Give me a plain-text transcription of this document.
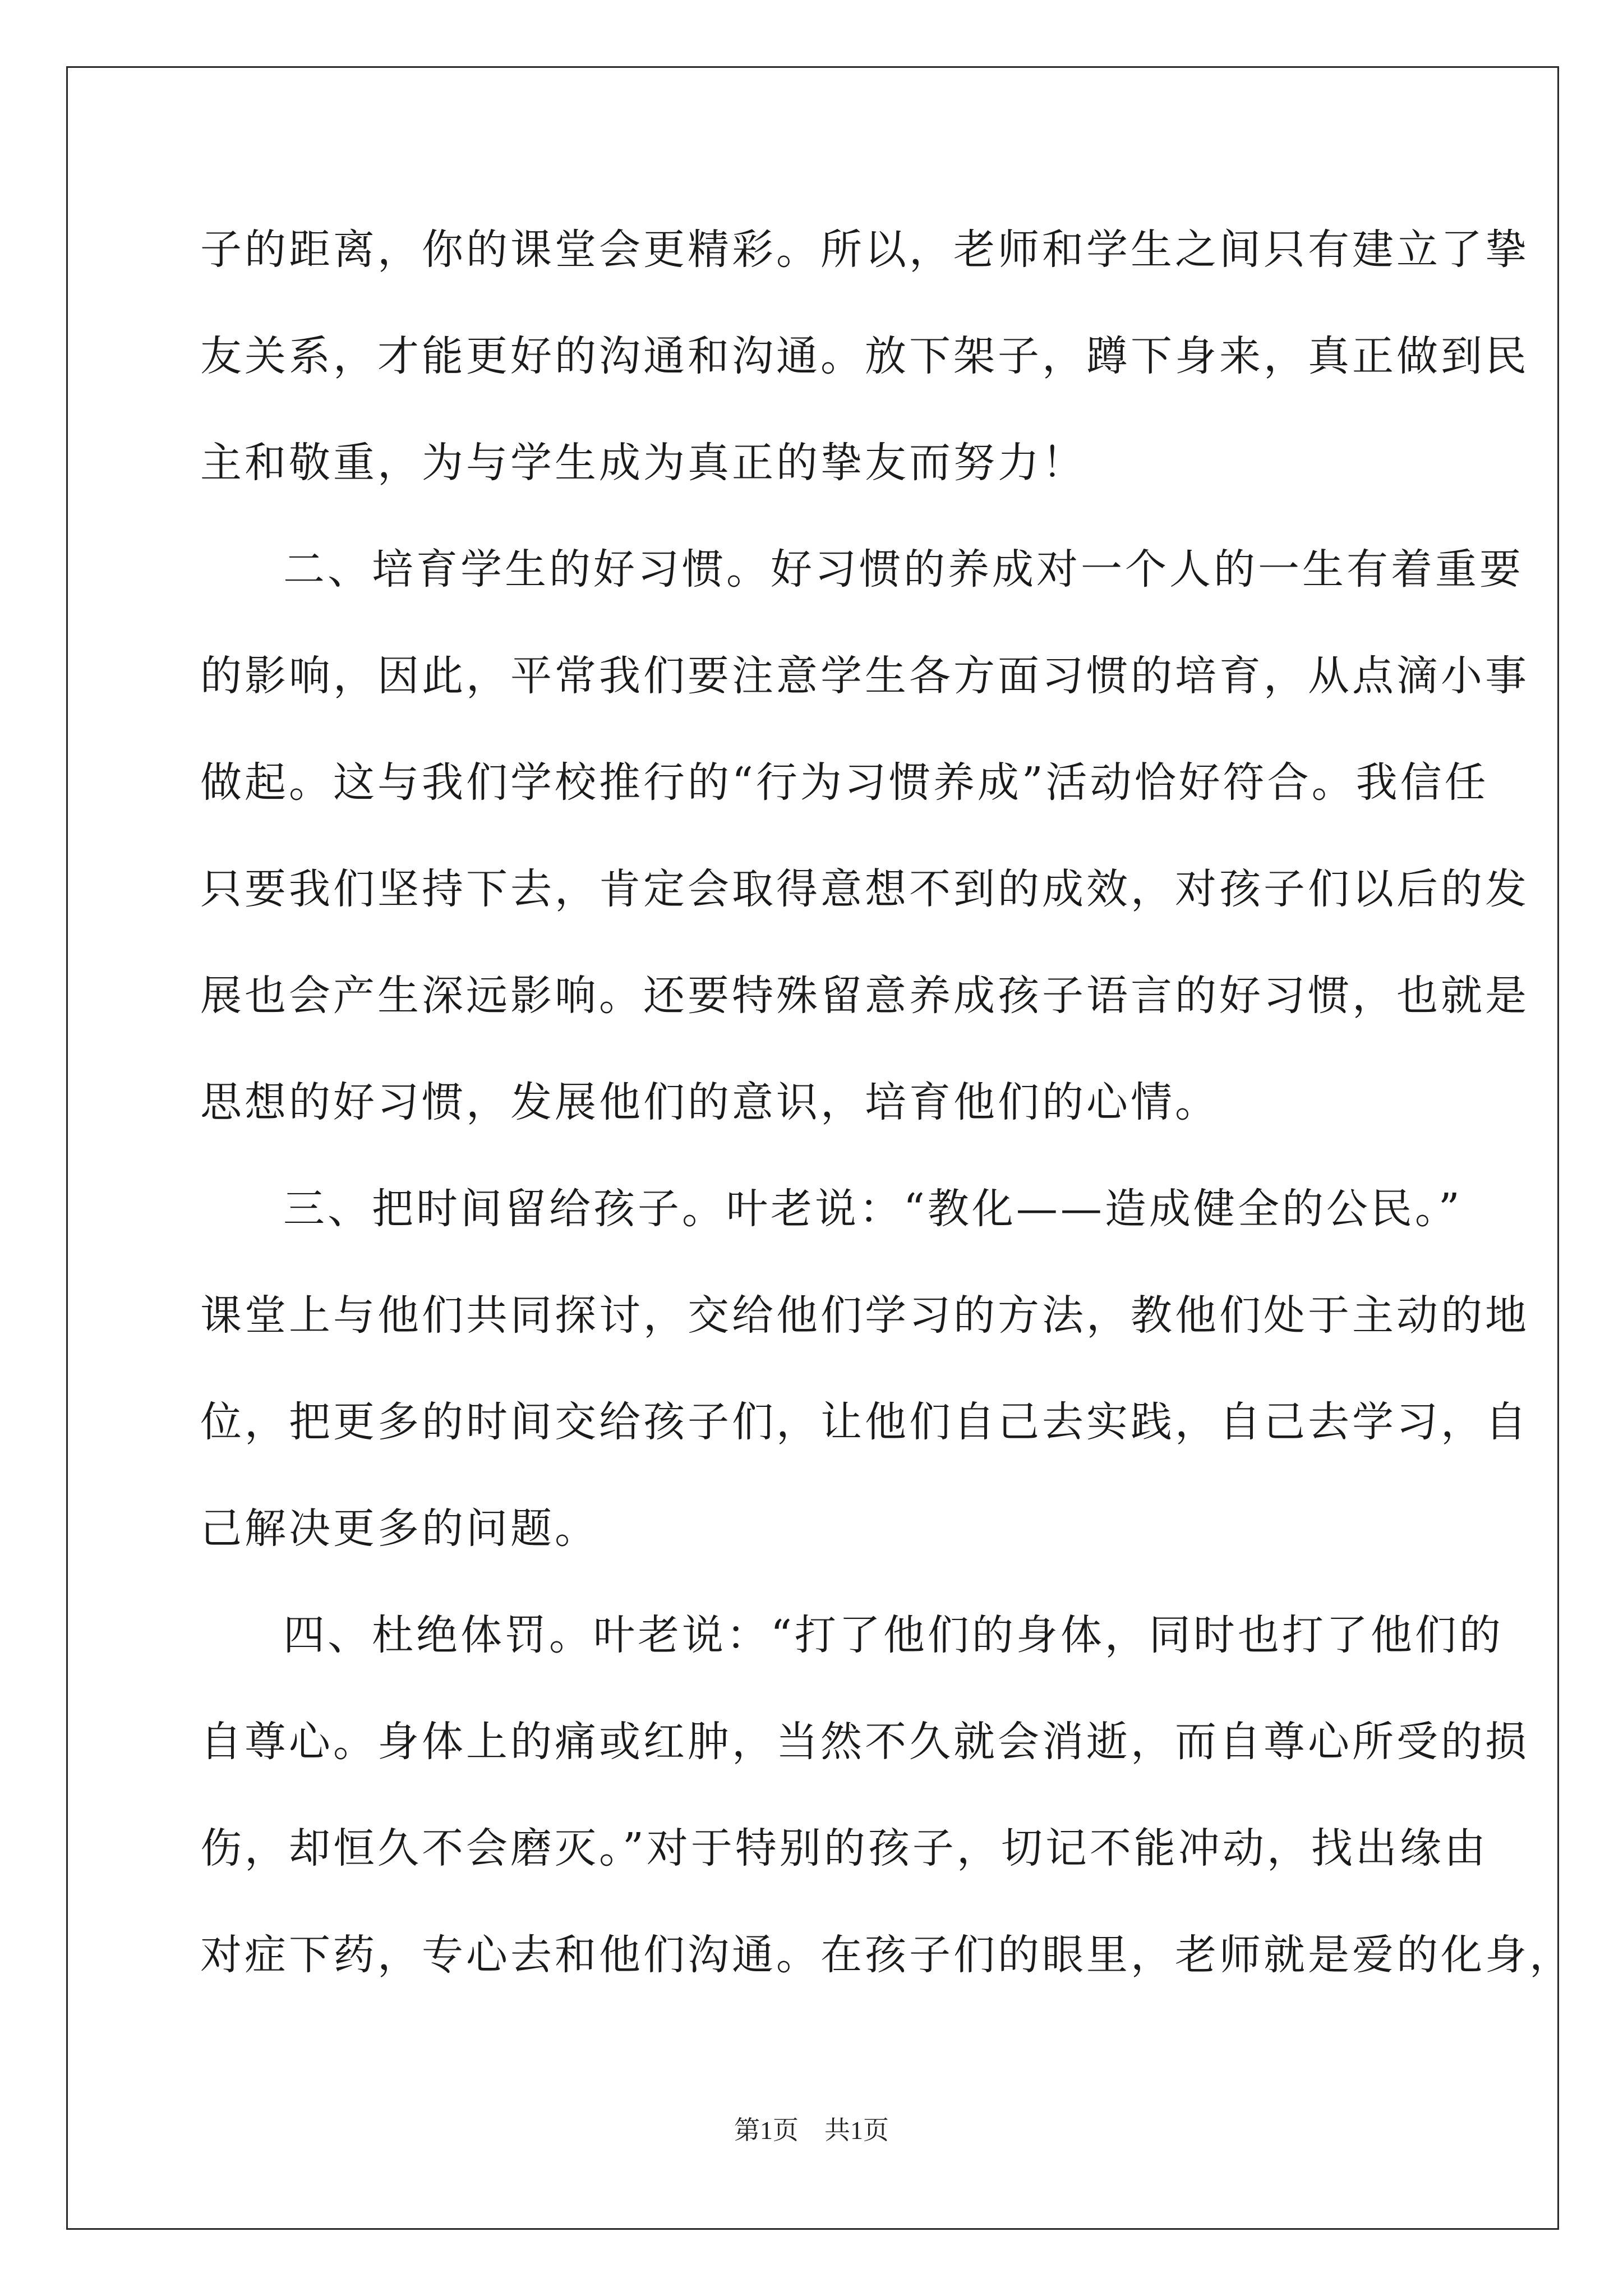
子的距离，你的课堂会更精彩。所以，老师和学生之间只有建立了挚
友关系，才能更好的沟通和沟通。放下架子，蹲下身来，真正做到民
主和敬重，为与学生成为真正的挚友而努力！
二、培育学生的好习惯。好习惯的养成对一个人的一生有着重要
的影响，因此，平常我们要注意学生各方面习惯的培育，从点滴小事
做起。这与我们学校推行的“行为习惯养成”活动恰好符合。我信任
只要我们坚持下去，肯定会取得意想不到的成效，对孩子们以后的发
展也会产生深远影响。还要特殊留意养成孩子语言的好习惯，也就是
思想的好习惯，发展他们的意识，培育他们的心情。
三、把时间留给孩子。叶老说：“教化——造成健全的公民。”
课堂上与他们共同探讨，交给他们学习的方法，教他们处于主动的地
位，把更多的时间交给孩子们，让他们自己去实践，自己去学习，自
己解决更多的问题。
四、杜绝体罚。叶老说：“打了他们的身体，同时也打了他们的
自尊心。身体上的痛或红肿，当然不久就会消逝，而自尊心所受的损
伤，却恒久不会磨灭。”对于特别的孩子，切记不能冲动，找出缘由
对症下药，专心去和他们沟通。在孩子们的眼里，老师就是爱的化身，
第1页　共1页
